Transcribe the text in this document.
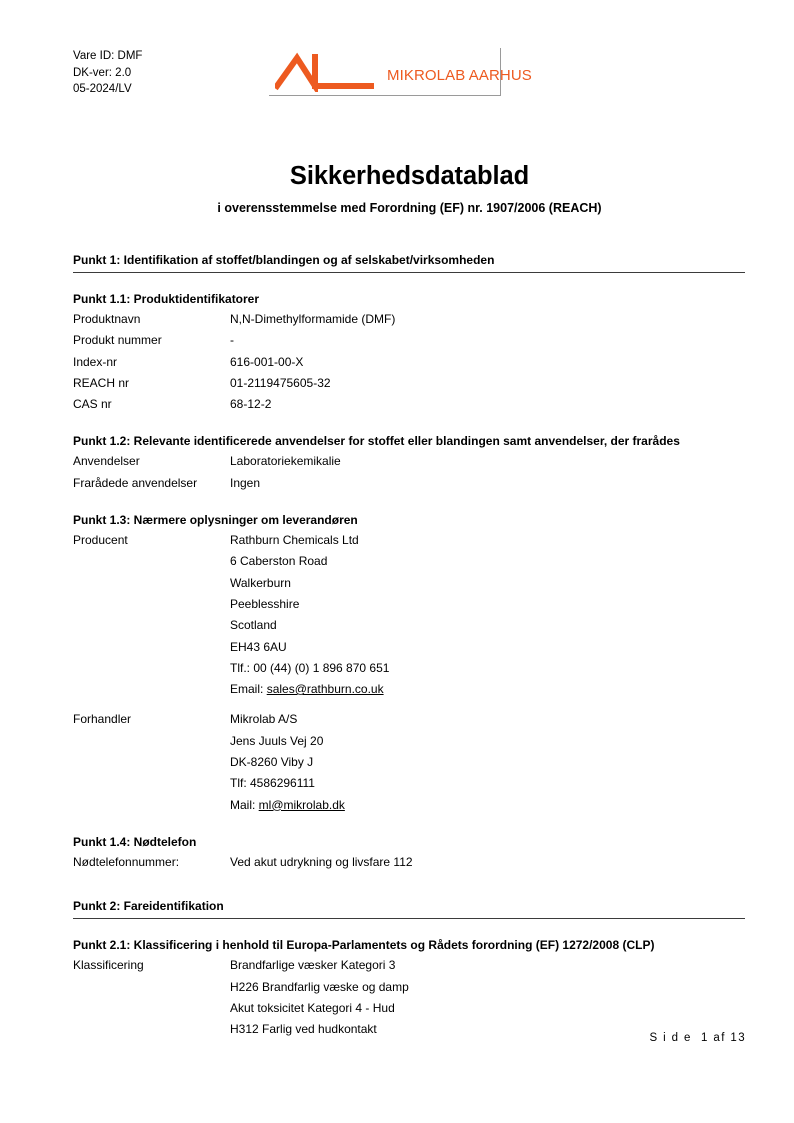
Vare ID: DMF
DK-ver: 2.0
05-2024/LV
MIKROLAB AARHUS
Sikkerhedsdatablad
i overensstemmelse med Forordning (EF) nr. 1907/2006 (REACH)
Punkt 1: Identifikation af stoffet/blandingen og af selskabet/virksomheden
Punkt 1.1: Produktidentifikatorer
Produktnavn	N,N-Dimethylformamide (DMF)
Produkt nummer	-
Index-nr	616-001-00-X
REACH nr	01-2119475605-32
CAS nr	68-12-2
Punkt 1.2: Relevante identificerede anvendelser for stoffet eller blandingen samt anvendelser, der frarådes
Anvendelser	Laboratoriekemikalie
Frarådede anvendelser	Ingen
Punkt 1.3: Nærmere oplysninger om leverandøren
Producent	Rathburn Chemicals Ltd
6 Caberston Road
Walkerburn
Peeblesshire
Scotland
EH43 6AU
Tlf.: 00 (44) (0) 1 896 870 651
Email: sales@rathburn.co.uk
Forhandler	Mikrolab A/S
Jens Juuls Vej 20
DK-8260 Viby J
Tlf: 4586296111
Mail: ml@mikrolab.dk
Punkt 1.4: Nødtelefon
Nødtelefonnummer:	Ved akut udrykning og livsfare 112
Punkt 2: Fareidentifikation
Punkt 2.1: Klassificering i henhold til Europa-Parlamentets og Rådets forordning (EF) 1272/2008 (CLP)
Klassificering	Brandfarlige væsker Kategori 3
H226 Brandfarlig væske og damp
Akut toksicitet Kategori 4 - Hud
H312 Farlig ved hudkontakt
S i d e  1 af 13
